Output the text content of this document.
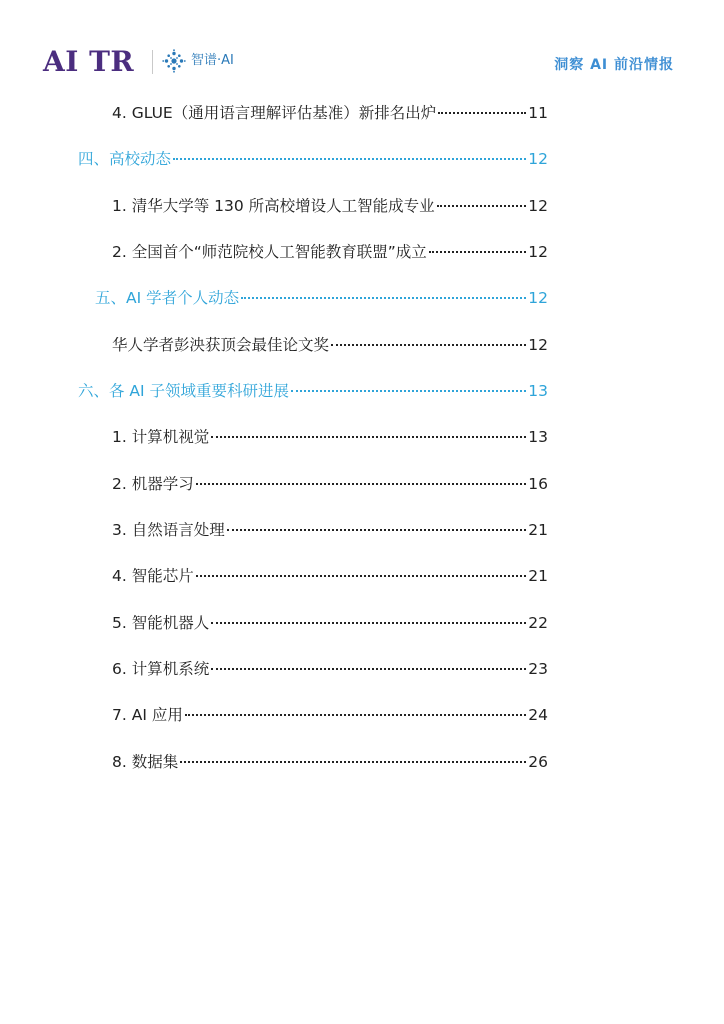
AI TR	智谱·AI	洞察 AI 前沿情报
4. GLUE（通用语言理解评估基准）新排名出炉	11
四、高校动态	12
1. 清华大学等 130 所高校增设人工智能成专业	12
2. 全国首个“师范院校人工智能教育联盟”成立	12
五、AI 学者个人动态	12
华人学者彭泱获顶会最佳论文奖	12
六、各 AI 子领域重要科研进展	13
1. 计算机视觉	13
2. 机器学习	16
3. 自然语言处理	21
4. 智能芯片	21
5. 智能机器人	22
6. 计算机系统	23
7. AI 应用	24
8. 数据集	26
